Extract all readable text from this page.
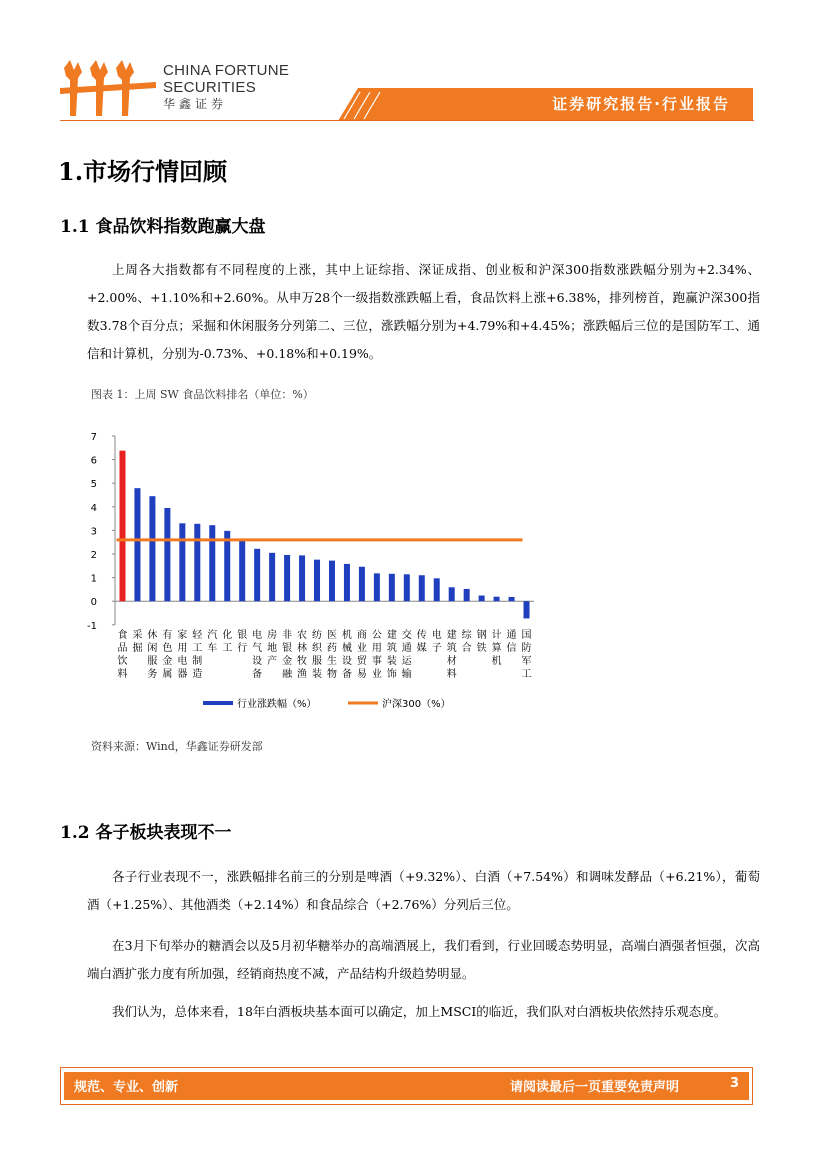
CHINA FORTUNE
SECURITIES
华鑫证券	证券研究报告·行业报告
1.市场行情回顾
1.1 食品饮料指数跑赢大盘
上周各大指数都有不同程度的上涨，其中上证综指、深证成指、创业板和沪深300指数涨跌幅分别为+2.34%、+2.00%、+1.10%和+2.60%。从申万28个一级指数涨跌幅上看，食品饮料上涨+6.38%，排列榜首，跑赢沪深300指数3.78个百分点；采掘和休闲服务分列第二、三位，涨跌幅分别为+4.79%和+4.45%；涨跌幅后三位的是国防军工、通信和计算机，分别为-0.73%、+0.18%和+0.19%。
图表 1：上周 SW 食品饮料排名（单位：%）
7
6
5
4
3
2
1
0
-1
食品饮料
采掘
休闲服务
有色金属
家用电器
轻工制造
汽车
化工
银行
电气设备
房地产
非银金融
农林牧渔
纺织服装
医药生物
机械设备
商业贸易
公用事业
建筑装饰
交通运输
传媒
电子
建筑材料
综合
钢铁
计算机
通信
国防军工
行业涨跌幅（%）	沪深300（%）
资料来源：Wind，华鑫证券研发部
1.2 各子板块表现不一
各子行业表现不一，涨跌幅排名前三的分别是啤酒（+9.32%）、白酒（+7.54%）和调味发酵品（+6.21%），葡萄酒（+1.25%）、其他酒类（+2.14%）和食品综合（+2.76%）分列后三位。
在3月下旬举办的糖酒会以及5月初华糖举办的高端酒展上，我们看到，行业回暖态势明显，高端白酒强者恒强，次高端白酒扩张力度有所加强，经销商热度不减，产品结构升级趋势明显。
我们认为，总体来看，18年白酒板块基本面可以确定，加上MSCI的临近，我们队对白酒板块依然持乐观态度。
规范、专业、创新	请阅读最后一页重要免责声明	3
